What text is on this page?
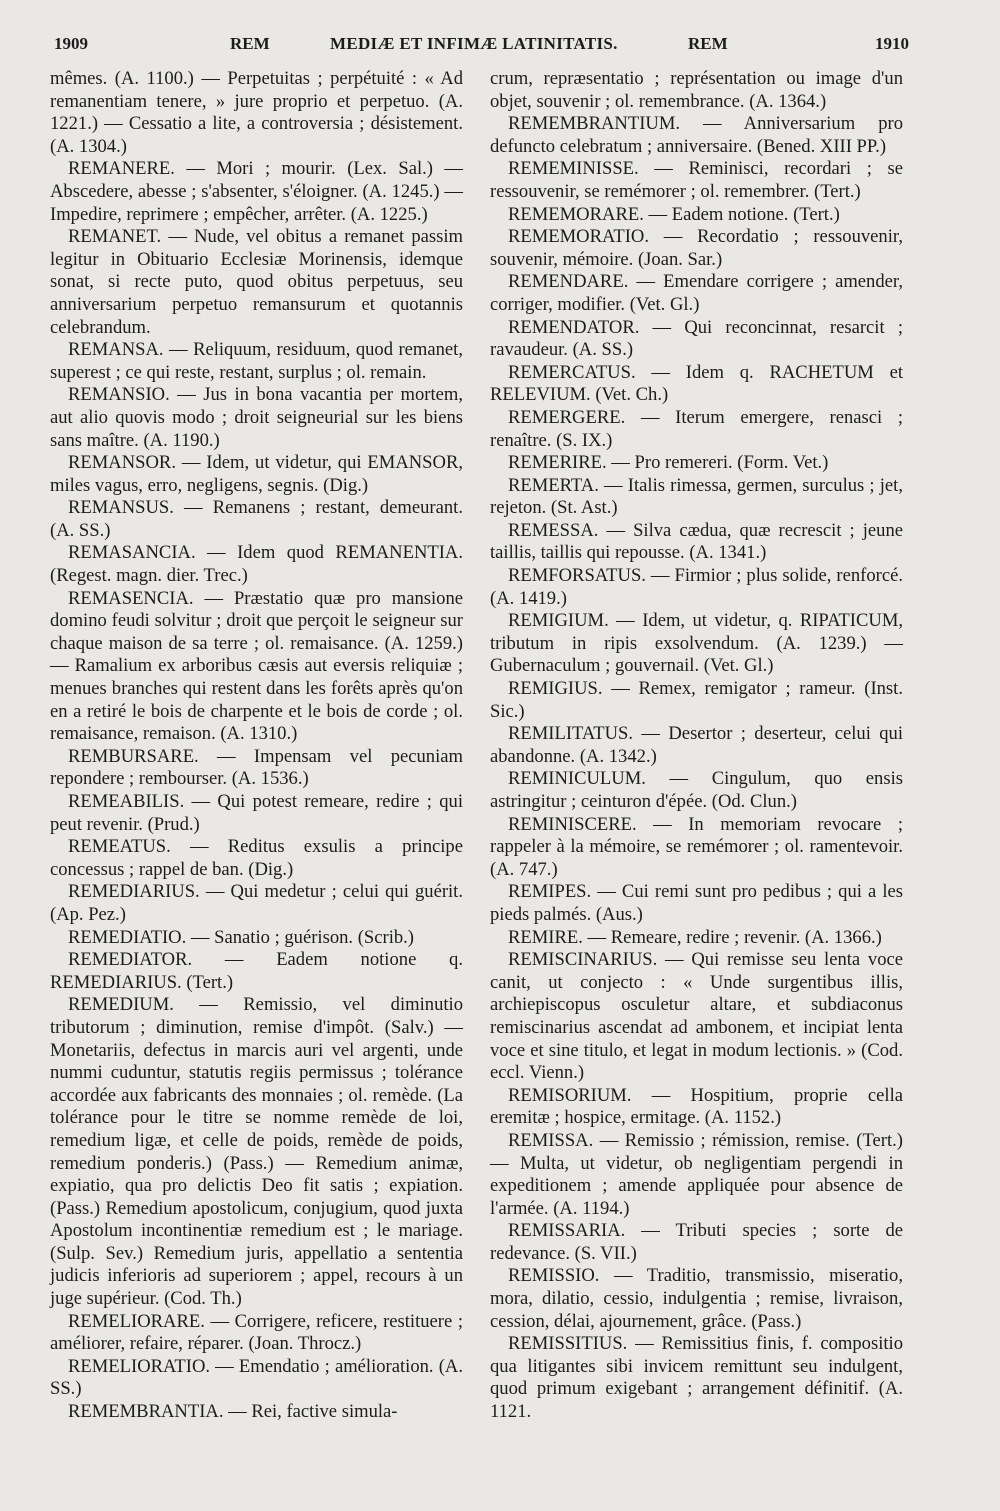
1909	REM	MEDIÆ ET INFIMÆ LATINITATIS.	REM	1910

mêmes. (A. 1100.) — Perpetuitas ; perpétuité : « Ad remanentiam tenere, » jure proprio et perpetuo. (A. 1221.) — Cessatio a lite, a controversia ; désistement. (A. 1304.)

REMANERE. — Mori ; mourir. (Lex. Sal.) — Abscedere, abesse ; s'absenter, s'éloigner. (A. 1245.) — Impedire, reprimere ; empêcher, arrêter. (A. 1225.)

REMANET. — Nude, vel obitus a remanet passim legitur in Obituario Ecclesiæ Morinensis, idemque sonat, si recte puto, quod obitus perpetuus, seu anniversarium perpetuo remansurum et quotannis celebrandum.

REMANSA. — Reliquum, residuum, quod remanet, superest ; ce qui reste, restant, surplus ; ol. remain.

REMANSIO. — Jus in bona vacantia per mortem, aut alio quovis modo ; droit seigneurial sur les biens sans maître. (A. 1190.)

REMANSOR. — Idem, ut videtur, qui EMANSOR, miles vagus, erro, negligens, segnis. (Dig.)

REMANSUS. — Remanens ; restant, demeurant. (A. SS.)

REMASANCIA. — Idem quod REMANENTIA. (Regest. magn. dier. Trec.)

REMASENCIA. — Præstatio quæ pro mansione domino feudi solvitur ; droit que perçoit le seigneur sur chaque maison de sa terre ; ol. remaisance. (A. 1259.) — Ramalium ex arboribus cæsis aut eversis reliquiæ ; menues branches qui restent dans les forêts après qu'on en a retiré le bois de charpente et le bois de corde ; ol. remaisance, remaison. (A. 1310.)

REMBURSARE. — Impensam vel pecuniam repondere ; rembourser. (A. 1536.)

REMEABILIS. — Qui potest remeare, redire ; qui peut revenir. (Prud.)

REMEATUS. — Reditus exsulis a principe concessus ; rappel de ban. (Dig.)

REMEDIARIUS. — Qui medetur ; celui qui guérit. (Ap. Pez.)

REMEDIATIO. — Sanatio ; guérison. (Scrib.)

REMEDIATOR. — Eadem notione q. REMEDIARIUS. (Tert.)

REMEDIUM. — Remissio, vel diminutio tributorum ; diminution, remise d'impôt. (Salv.) — Monetariis, defectus in marcis auri vel argenti, unde nummi cuduntur, statutis regiis permissus ; tolérance accordée aux fabricants des monnaies ; ol. remède. (La tolérance pour le titre se nomme remède de loi, remedium ligæ, et celle de poids, remède de poids, remedium ponderis.) (Pass.) — Remedium animæ, expiatio, qua pro delictis Deo fit satis ; expiation. (Pass.) Remedium apostolicum, conjugium, quod juxta Apostolum incontinentiæ remedium est ; le mariage. (Sulp. Sev.) Remedium juris, appellatio a sententia judicis inferioris ad superiorem ; appel, recours à un juge supérieur. (Cod. Th.)

REMELIORARE. — Corrigere, reficere, restituere ; améliorer, refaire, réparer. (Joan. Throcz.)

REMELIORATIO. — Emendatio ; amélioration. (A. SS.)

REMEMBRANTIA. — Rei, factive simula-

crum, repræsentatio ; représentation ou image d'un objet, souvenir ; ol. remembrance. (A. 1364.)

REMEMBRANTIUM. — Anniversarium pro defuncto celebratum ; anniversaire. (Bened. XIII PP.)

REMEMINISSE. — Reminisci, recordari ; se ressouvenir, se remémorer ; ol. remembrer. (Tert.)

REMEMORARE. — Eadem notione. (Tert.)

REMEMORATIO. — Recordatio ; ressouvenir, souvenir, mémoire. (Joan. Sar.)

REMENDARE. — Emendare corrigere ; amender, corriger, modifier. (Vet. Gl.)

REMENDATOR. — Qui reconcinnat, resarcit ; ravaudeur. (A. SS.)

REMERCATUS. — Idem q. RACHETUM et RELEVIUM. (Vet. Ch.)

REMERGERE. — Iterum emergere, renasci ; renaître. (S. IX.)

REMERIRE. — Pro remereri. (Form. Vet.)

REMERTA. — Italis rimessa, germen, surculus ; jet, rejeton. (St. Ast.)

REMESSA. — Silva cædua, quæ recrescit ; jeune taillis, taillis qui repousse. (A. 1341.)

REMFORSATUS. — Firmior ; plus solide, renforcé. (A. 1419.)

REMIGIUM. — Idem, ut videtur, q. RIPATICUM, tributum in ripis exsolvendum. (A. 1239.) — Gubernaculum ; gouvernail. (Vet. Gl.)

REMIGIUS. — Remex, remigator ; rameur. (Inst. Sic.)

REMILITATUS. — Desertor ; deserteur, celui qui abandonne. (A. 1342.)

REMINICULUM. — Cingulum, quo ensis astringitur ; ceinturon d'épée. (Od. Clun.)

REMINISCERE. — In memoriam revocare ; rappeler à la mémoire, se remémorer ; ol. ramentevoir. (A. 747.)

REMIPES. — Cui remi sunt pro pedibus ; qui a les pieds palmés. (Aus.)

REMIRE. — Remeare, redire ; revenir. (A. 1366.)

REMISCINARIUS. — Qui remisse seu lenta voce canit, ut conjecto : « Unde surgentibus illis, archiepiscopus osculetur altare, et subdiaconus remiscinarius ascendat ad ambonem, et incipiat lenta voce et sine titulo, et legat in modum lectionis. » (Cod. eccl. Vienn.)

REMISORIUM. — Hospitium, proprie cella eremitæ ; hospice, ermitage. (A. 1152.)

REMISSA. — Remissio ; rémission, remise. (Tert.) — Multa, ut videtur, ob negligentiam pergendi in expeditionem ; amende appliquée pour absence de l'armée. (A. 1194.)

REMISSARIA. — Tributi species ; sorte de redevance. (S. VII.)

REMISSIO. — Traditio, transmissio, miseratio, mora, dilatio, cessio, indulgentia ; remise, livraison, cession, délai, ajournement, grâce. (Pass.)

REMISSITIUS. — Remissitius finis, f. compositio qua litigantes sibi invicem remittunt seu indulgent, quod primum exigebant ; arrangement définitif. (A. 1121.
